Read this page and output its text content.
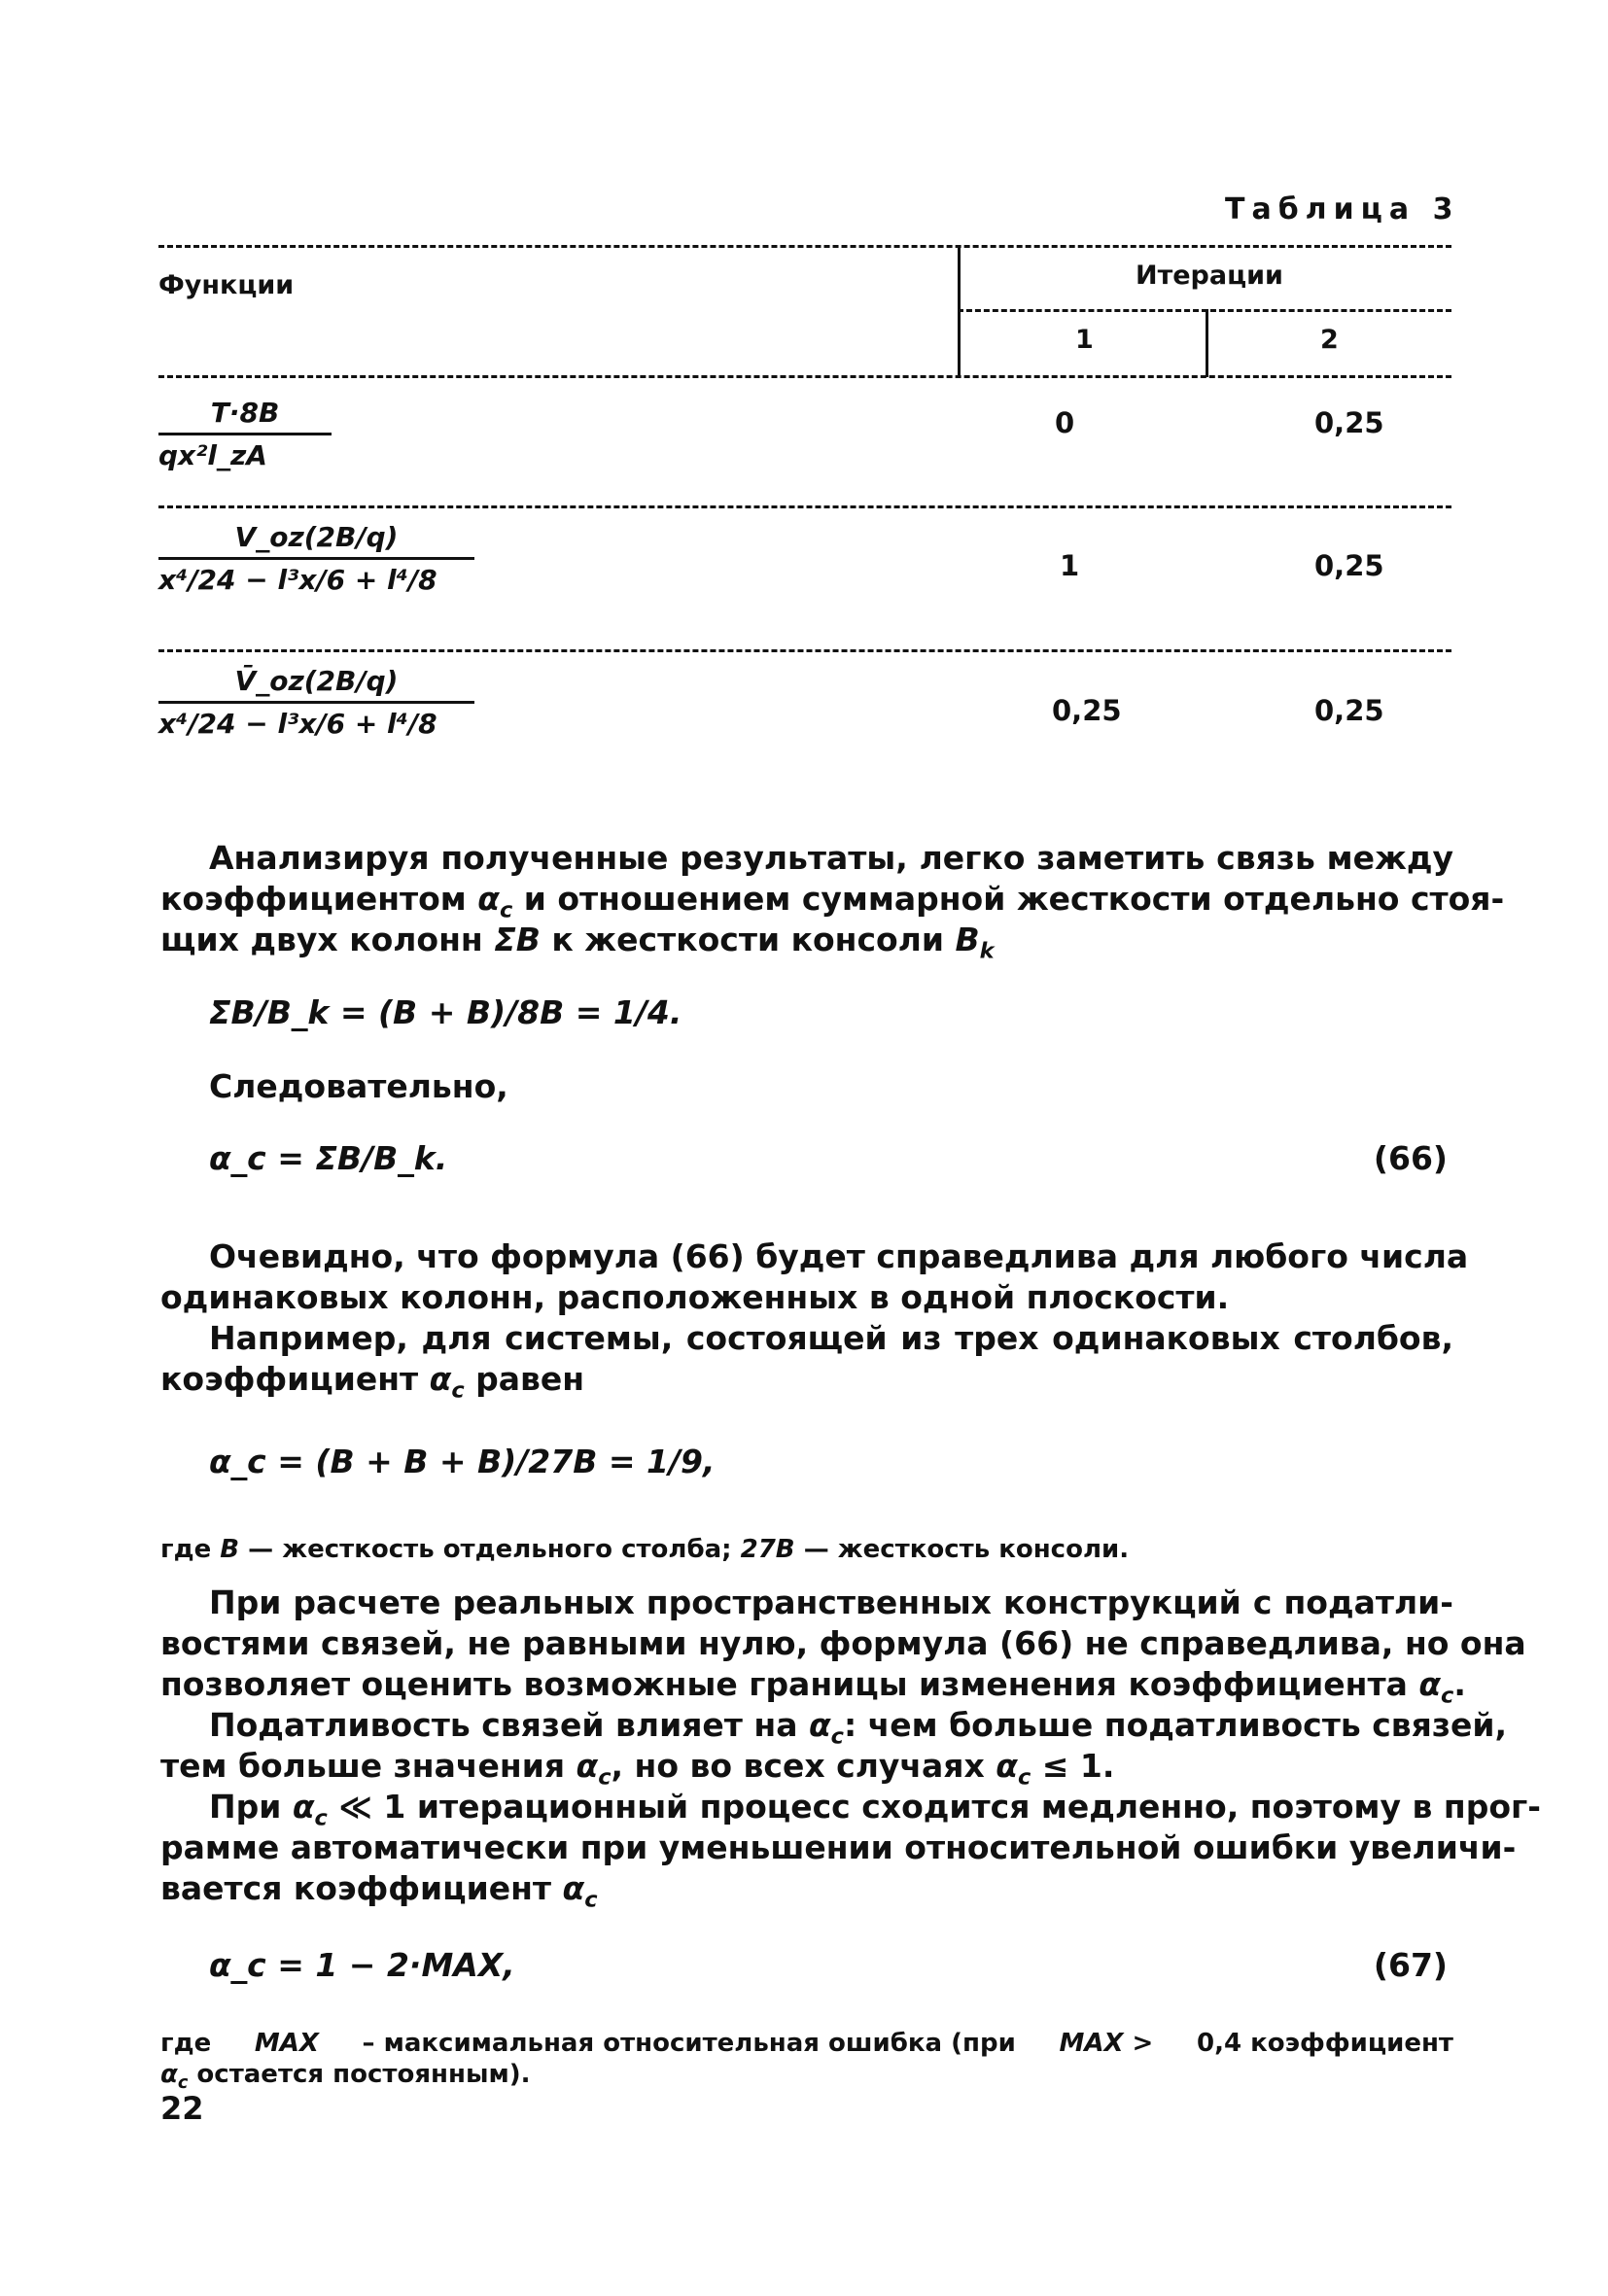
Таблица 3
Функции	Итерации
1	2
$\frac{T\cdot 8B}{\text{qx²l\_zA}}$	0	0,25
$\frac{V\_oz(2B/q)}{\text{x⁴/24 − l³x/6 + l⁴/8}}$	1	0,25
$\frac{V̄\_oz(2B/q)}{\text{x⁴/24 − l³x/6 + l⁴/8}}$	0,25	0,25
Анализируя полученные результаты, легко заметить связь между
коэффициентом $\alpha_c$ и отношением суммарной жесткости отдельно стоя-
щих двух колонн ΣB к жесткости консоли $B_k$
ΣB/B_k = (B + B)/8B = 1/4.
Следовательно,
α_c = ΣB/B_k.	(66)
Очевидно, что формула (66) будет справедлива для любого числа
одинаковых колонн, расположенных в одной плоскости.
Например, для системы, состоящей из трех одинаковых столбов,
коэффициент $\alpha_c$ равен
α_c = (B + B + B)/27B = 1/9,
где B — жесткость отдельного столба; 27B — жесткость консоли.
При расчете реальных пространственных конструкций с податли-
востями связей, не равными нулю, формула (66) не справедлива, но она
позволяет оценить возможные границы изменения коэффициента $\alpha_c$.
Податливость связей влияет на $\alpha_c$: чем больше податливость связей,
тем больше значения $\alpha_c$, но во всех случаях $\alpha_c \le 1$.
При $\alpha_c$ ≪ 1 итерационный процесс сходится медленно, поэтому в прог-
рамме автоматически при уменьшении относительной ошибки увеличи-
вается коэффициент $\alpha_c$
α_c = 1 − 2·MAX,	(67)
где MAX – максимальная относительная ошибка (при MAX > 0,4 коэффициент
$\alpha_c$ остается постоянным).
22
